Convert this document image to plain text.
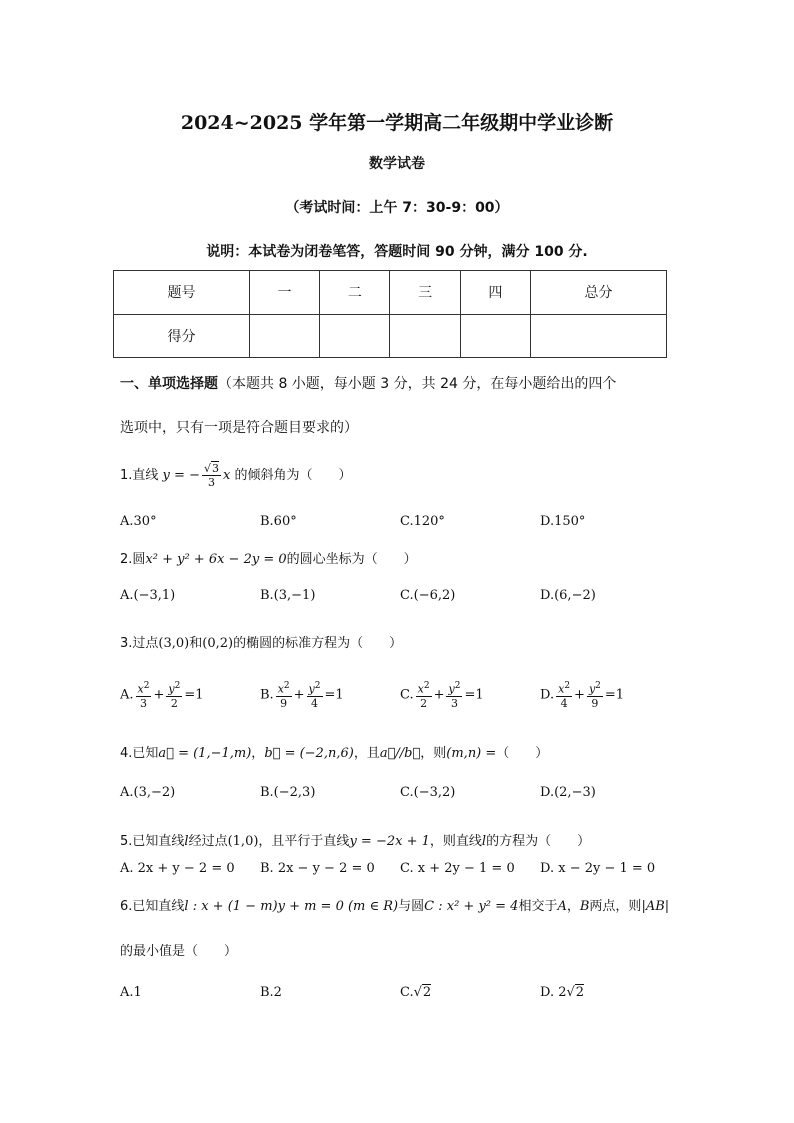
2024~2025 学年第一学期高二年级期中学业诊断
数学试卷
（考试时间：上午 7：30-9：00）
说明：本试卷为闭卷笔答，答题时间 90 分钟，满分 100 分.
题号	一	二	三	四	总分
得分					
一、单项选择题（本题共 8 小题，每小题 3 分，共 24 分，在每小题给出的四个
选项中，只有一项是符合题目要求的）
1.直线 y = − $\frac{√3}{3}$ x 的倾斜角为（　　）
A.30°	B.60°	C.120°	D.150°
2.圆x² + y² + 6x − 2y = 0的圆心坐标为（　　）
A.(−3,1)	B.(3,−1)	C.(−6,2)	D.(6,−2)
3.过点(3,0)和(0,2)的椭圆的标准方程为（　　）
A. $\frac{x^2}{3} + \frac{y^2}{2} =1$	B. $\frac{x^2}{9} + \frac{y^2}{4} =1$	C. $\frac{x^2}{2} + \frac{y^2}{3} =1$	D. $\frac{x^2}{4} + \frac{y^2}{9} =1$
4.已知a⃗ = (1,−1,m)，b⃗ = (−2,n,6)，且a⃗//b⃗，则(m,n) =（　　）
A.(3,−2)	B.(−2,3)	C.(−3,2)	D.(2,−3)
5.已知直线l经过点(1,0)，且平行于直线y = −2x + 1，则直线l的方程为（　　）
A. 2x + y − 2 = 0 B. 2x − y − 2 = 0 C. x + 2y − 1 = 0 D. x − 2y − 1 = 0
6.已知直线l : x + (1 − m)y + m = 0 (m ∈ R)与圆C : x² + y² = 4相交于A，B两点，则|AB|
的最小值是（　　）
A.1	B.2	C.√2	D. 2√2
